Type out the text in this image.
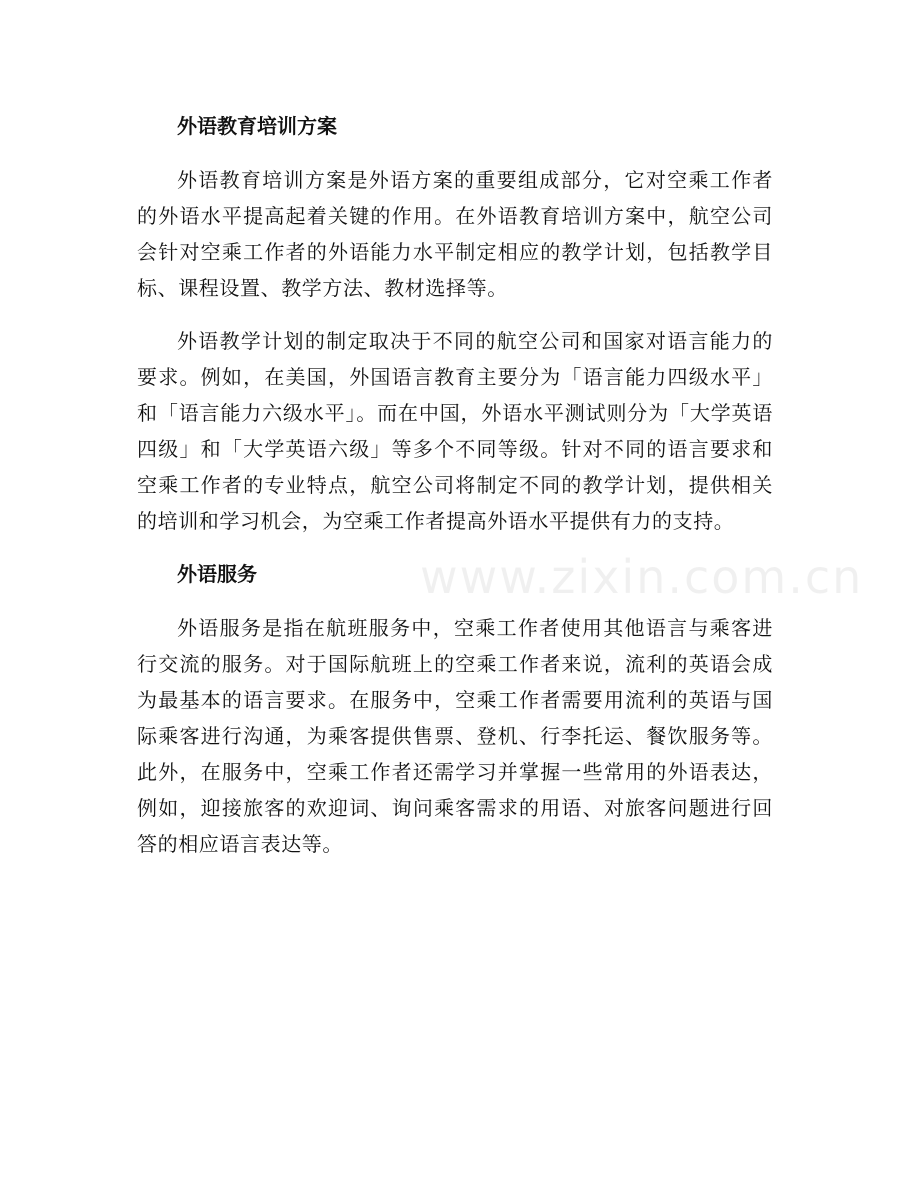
www.zixin.com.cn
外语教育培训方案

外语教育培训方案是外语方案的重要组成部分，它对空乘工作者的外语水平提高起着关键的作用。在外语教育培训方案中，航空公司会针对空乘工作者的外语能力水平制定相应的教学计划，包括教学目标、课程设置、教学方法、教材选择等。

外语教学计划的制定取决于不同的航空公司和国家对语言能力的要求。例如，在美国，外国语言教育主要分为「语言能力四级水平」和「语言能力六级水平」。而在中国，外语水平测试则分为「大学英语四级」和「大学英语六级」等多个不同等级。针对不同的语言要求和空乘工作者的专业特点，航空公司将制定不同的教学计划，提供相关的培训和学习机会，为空乘工作者提高外语水平提供有力的支持。

外语服务

外语服务是指在航班服务中，空乘工作者使用其他语言与乘客进行交流的服务。对于国际航班上的空乘工作者来说，流利的英语会成为最基本的语言要求。在服务中，空乘工作者需要用流利的英语与国际乘客进行沟通，为乘客提供售票、登机、行李托运、餐饮服务等。此外，在服务中，空乘工作者还需学习并掌握一些常用的外语表达，例如，迎接旅客的欢迎词、询问乘客需求的用语、对旅客问题进行回答的相应语言表达等。
